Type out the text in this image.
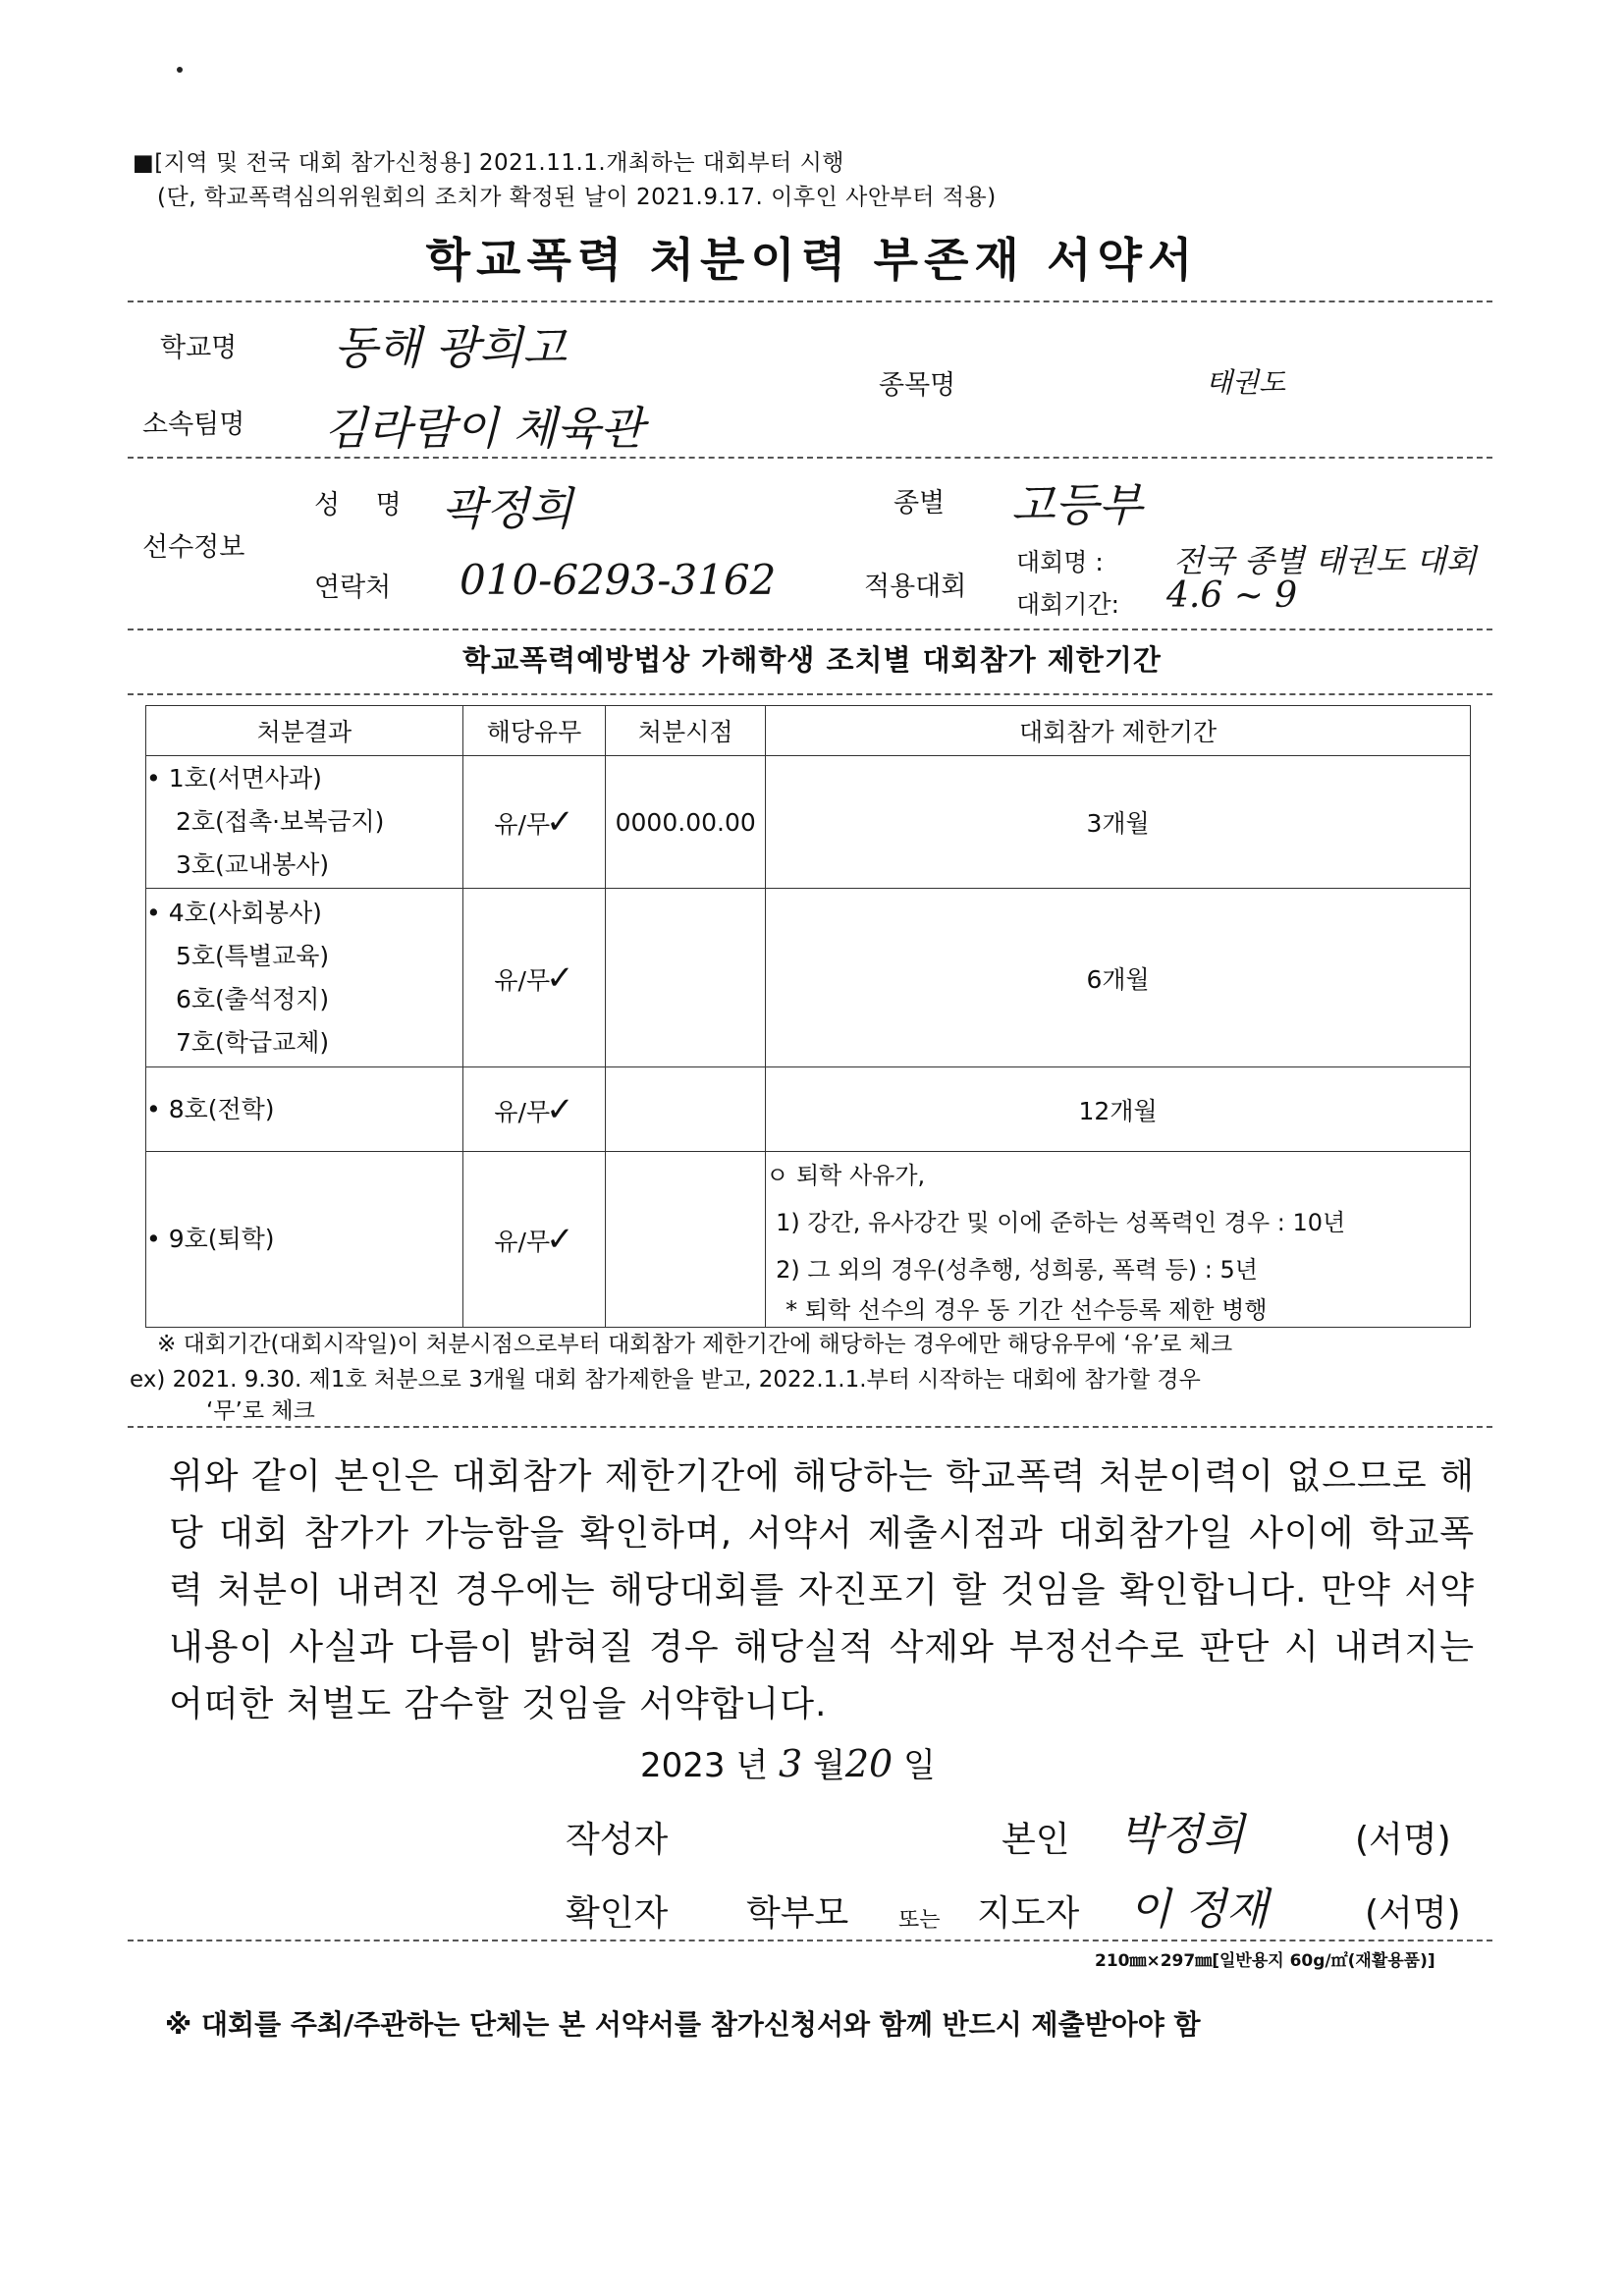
■[지역 및 전국 대회 참가신청용] 2021.11.1.개최하는 대회부터 시행
(단, 학교폭력심의위원회의 조치가 확정된 날이 2021.9.17. 이후인 사안부터 적용)
학교폭력 처분이력 부존재 서약서
학교명 동해 광희고
종목명	태권도
소속팀명 김라람이 체육관
성 명 곽정희	종별 고등부
선수정보
연락처 010-6293-3162	적용대회
대회명 : 전국 종별 태권도 대회
대회기간: 4.6 ~ 9
학교폭력예방법상 가해학생 조치별 대회참가 제한기간
처분결과	해당유무	처분시점	대회참가 제한기간

• 1호(서면사과)
2호(접촉·보복금지)
3호(교내봉사)	유/무✓	0000.00.00	3개월

• 4호(사회봉사)
5호(특별교육)
6호(출석정지)
7호(학급교체)	유/무✓		6개월

• 8호(전학)	유/무✓		12개월

• 9호(퇴학)	유/무✓		ㅇ 퇴학 사유가,
1) 강간, 유사강간 및 이에 준하는 성폭력인 경우 : 10년
2) 그 외의 경우(성추행, 성희롱, 폭력 등) : 5년
* 퇴학 선수의 경우 동 기간 선수등록 제한 병행
※ 대회기간(대회시작일)이 처분시점으로부터 대회참가 제한기간에 해당하는 경우에만 해당유무에 ‘유’로 체크
ex) 2021. 9.30. 제1호 처분으로 3개월 대회 참가제한을 받고, 2022.1.1.부터 시작하는 대회에 참가할 경우
‘무’로 체크
위와 같이 본인은 대회참가 제한기간에 해당하는 학교폭력 처분이력이 없으므로 해당 대회 참가가 가능함을 확인하며, 서약서 제출시점과 대회참가일 사이에 학교폭력 처분이 내려진 경우에는 해당대회를 자진포기 할 것임을 확인합니다. 만약 서약내용이 사실과 다름이 밝혀질 경우 해당실적 삭제와 부정선수로 판단 시 내려지는 어떠한 처벌도 감수할 것임을 서약합니다.
2023 년 3 월20 일
작성자	본인 박정희	(서명)
확인자 학부모 또는 지도자 이 정재	(서명)
210㎜×297㎜[일반용지 60g/㎡(재활용품)]
※ 대회를 주최/주관하는 단체는 본 서약서를 참가신청서와 함께 반드시 제출받아야 함
